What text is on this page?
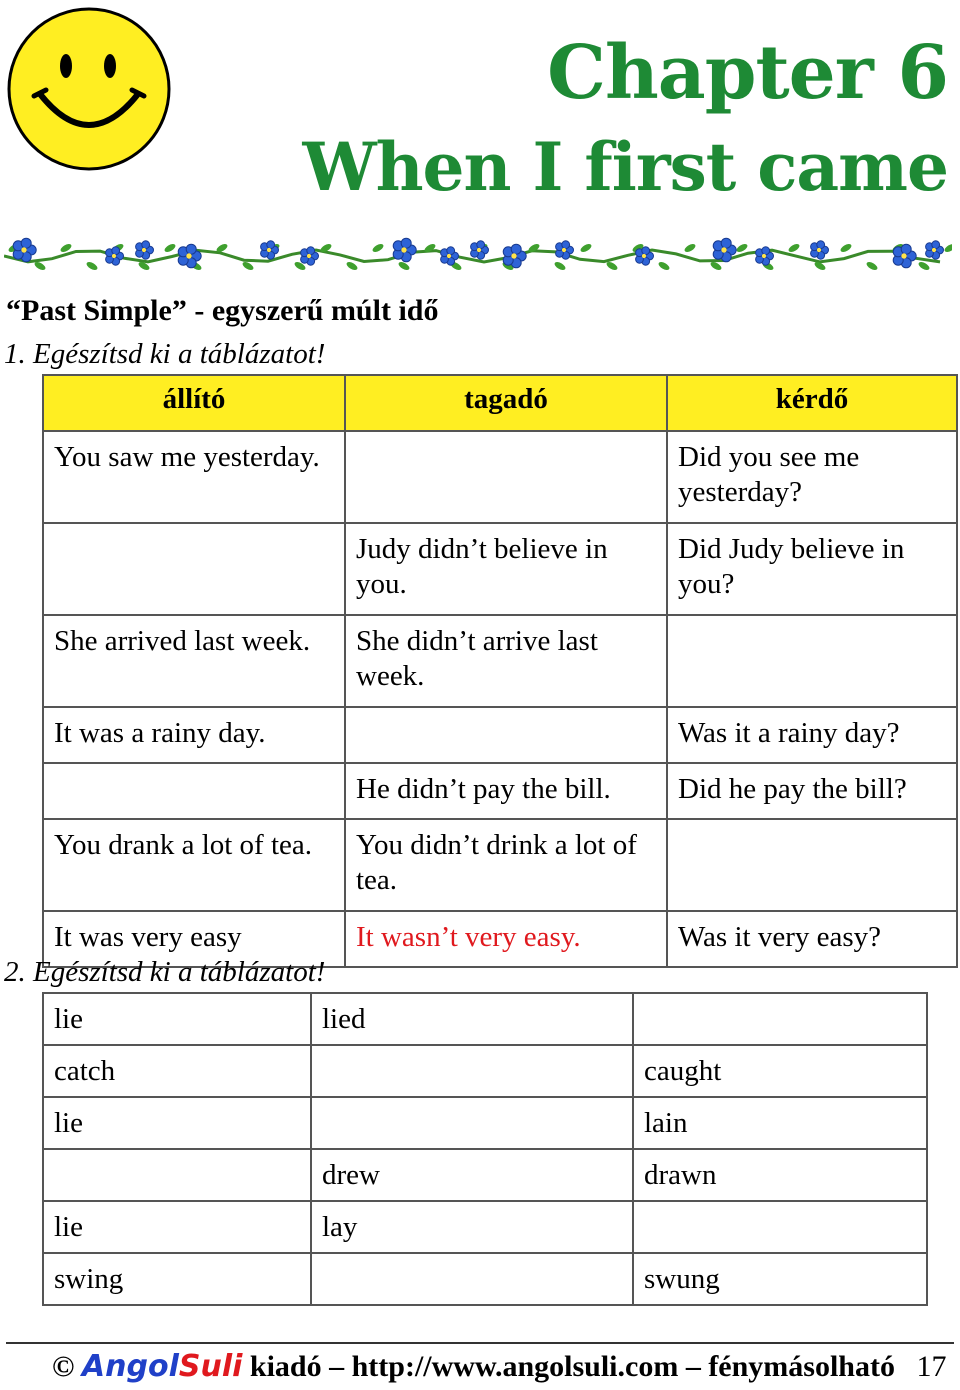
Chapter 6
When I first came
“Past Simple” - egyszerű múlt idő
1. Egészítsd ki a táblázatot!
állító	tagadó	kérdő
You saw me yesterday.		Did you see me yesterday?
	Judy didn’t believe in you.	Did Judy believe in you?
She arrived last week.	She didn’t arrive last week.	
It was a rainy day.		Was it a rainy day?
	He didn’t pay the bill.	Did he pay the bill?
You drank a lot of tea.	You didn’t drink a lot of tea.	
It was very easy	It wasn’t very easy.	Was it very easy?
2. Egészítsd ki a táblázatot!
lie	lied	
catch		caught
lie		lain
	drew	drawn
lie	lay	
swing		swung
© AngolSuli kiadó – http://www.angolsuli.com – fénymásolható 17
